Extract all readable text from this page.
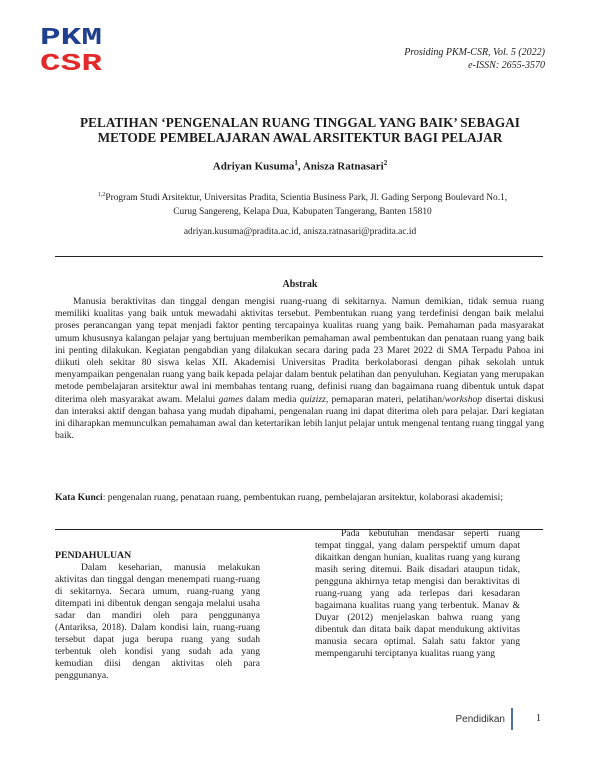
PKM
CSR	Prosiding PKM-CSR, Vol. 5 (2022)
e-ISSN: 2655-3570
PELATIHAN ‘PENGENALAN RUANG TINGGAL YANG BAIK’ SEBAGAI
METODE PEMBELAJARAN AWAL ARSITEKTUR BAGI PELAJAR
Adriyan Kusuma$^1$, Anisza Ratnasari$^2$
$^{1,2}$Program Studi Arsitektur, Universitas Pradita, Scientia Business Park, Jl. Gading Serpong Boulevard No.1, Curug Sangereng, Kelapa Dua, Kabupaten Tangerang, Banten 15810
adriyan.kusuma@pradita.ac.id, anisza.ratnasari@pradita.ac.id
Abstrak

Manusia beraktivitas dan tinggal dengan mengisi ruang-ruang di sekitarnya. Namun demikian, tidak semua ruang memiliki kualitas yang baik untuk mewadahi aktivitas tersebut. Pembentukan ruang yang terdefinisi dengan baik melalui proses perancangan yang tepat menjadi faktor penting tercapainya kualitas ruang yang baik. Pemahaman pada masyarakat umum khususnya kalangan pelajar yang bertujuan memberikan pemahaman awal pembentukan dan penataan ruang yang baik ini penting dilakukan. Kegiatan pengabdian yang dilakukan secara daring pada 23 Maret 2022 di SMA Terpadu Pahoa ini diikuti oleh sekitar 80 siswa kelas XII. Akademisi Universitas Pradita berkolaborasi dengan pihak sekolah untuk menyampaikan pengenalan ruang yang baik kepada pelajar dalam bentuk pelatihan dan penyuluhan. Kegiatan yang merupakan metode pembelajaran arsitektur awal ini membahas tentang ruang, definisi ruang dan bagaimana ruang dibentuk untuk dapat diterima oleh masyarakat awam. Melalui games dalam media quizizz, pemaparan materi, pelatihan/workshop disertai diskusi dan interaksi aktif dengan bahasa yang mudah dipahami, pengenalan ruang ini dapat diterima oleh para pelajar. Dari kegiatan ini diharapkan memunculkan pemahaman awal dan ketertarikan lebih lanjut pelajar untuk mengenal tentang ruang tinggal yang baik.

Kata Kunci: pengenalan ruang, penataan ruang, pembentukan ruang, pembelajaran arsitektur, kolaborasi akademisi;

PENDAHULUAN

Dalam keseharian, manusia melakukan aktivitas dan tinggal dengan menempati ruang-ruang di sekitarnya. Secara umum, ruang-ruang yang ditempati ini dibentuk dengan sengaja melalui usaha sadar dan mandiri oleh para penggunanya (Antariksa, 2018). Dalam kondisi lain, ruang-ruang tersebut dapat juga berupa ruang yang sudah terbentuk oleh kondisi yang sudah ada yang kemudian diisi dengan aktivitas oleh para penggunanya.

Pada kebutuhan mendasar seperti ruang tempat tinggal, yang dalam perspektif umum dapat dikaitkan dengan hunian, kualitas ruang yang kurang masih sering ditemui. Baik disadari ataupun tidak, pengguna akhirnya tetap mengisi dan beraktivitas di ruang-ruang yang ada terlepas dari kesadaran bagaimana kualitas ruang yang terbentuk. Manav & Duyar (2012) menjelaskan bahwa ruang yang dibentuk dan ditata baik dapat mendukung aktivitas manusia secara optimal. Salah satu faktor yang mempengaruhi terciptanya kualitas ruang yang

Pendidikan	1
